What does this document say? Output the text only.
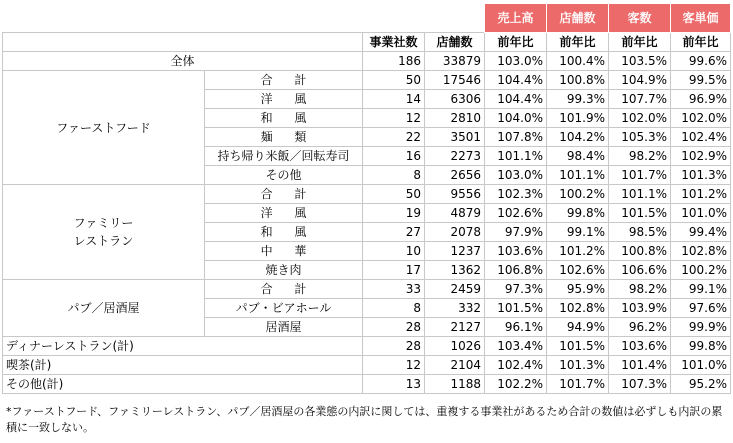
				売上高	店舗数	客数	客単価
		事業社数	店舗数	前年比	前年比	前年比	前年比
全体		186	33879	103.0%	100.4%	103.5%	99.6%
ファーストフード	合 計	50	17546	104.4%	100.8%	104.9%	99.5%
	洋 風	14	6306	104.4%	99.3%	107.7%	96.9%
	和 風	12	2810	104.0%	101.9%	102.0%	102.0%
	麺 類	22	3501	107.8%	104.2%	105.3%	102.4%
	持ち帰り米飯／回転寿司	16	2273	101.1%	98.4%	98.2%	102.9%
	その他	8	2656	103.0%	101.1%	101.7%	101.3%
ファミリー
レストラン	合 計	50	9556	102.3%	100.2%	101.1%	101.2%
	洋 風	19	4879	102.6%	99.8%	101.5%	101.0%
	和 風	27	2078	97.9%	99.1%	98.5%	99.4%
	中 華	10	1237	103.6%	101.2%	100.8%	102.8%
	焼き肉	17	1362	106.8%	102.6%	106.6%	100.2%
パブ／居酒屋	合 計	33	2459	97.3%	95.9%	98.2%	99.1%
	パブ・ビアホール	8	332	101.5%	102.8%	103.9%	97.6%
	居酒屋	28	2127	96.1%	94.9%	96.2%	99.9%
ディナーレストラン(計)		28	1026	103.4%	101.5%	103.6%	99.8%
喫茶(計)		12	2104	102.4%	101.3%	101.4%	101.0%
その他(計)		13	1188	102.2%	101.7%	107.3%	95.2%
*ファーストフード、ファミリーレストラン、パブ／居酒屋の各業態の内訳に関しては、重複する事業社があるため合計の数値は必ずしも内訳の累積に一致しない。
